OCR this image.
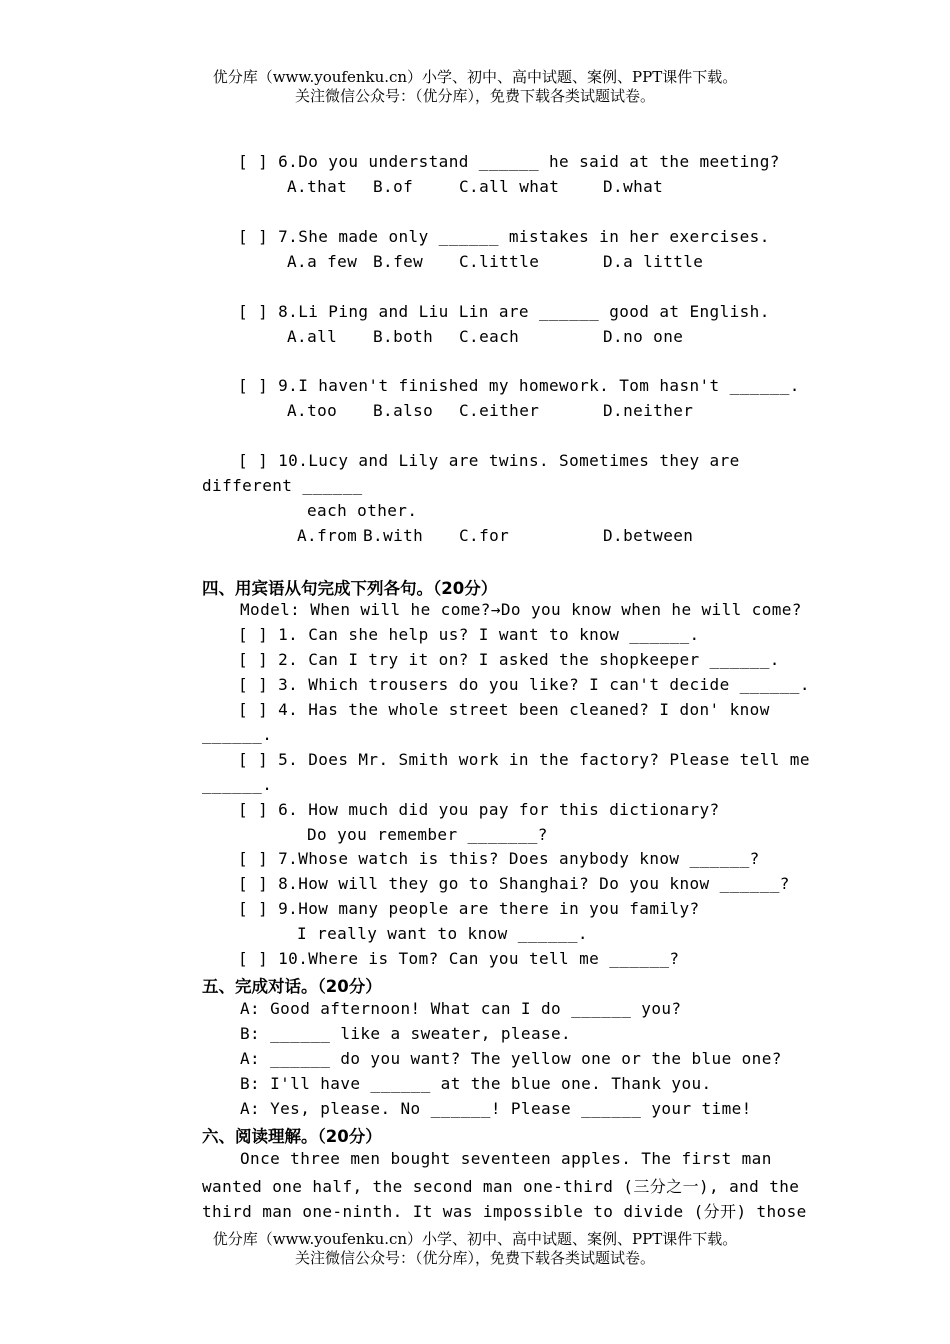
优分库（www.youfenku.cn）小学、初中、高中试题、案例、PPT课件下载。
关注微信公众号：（优分库），免费下载各类试题试卷。
[ ] 6.Do you understand ______ he said at the meeting?
A.that B.of	C.all what	D.what
[ ] 7.She made only ______ mistakes in her exercises.
A.a few B.few C.little	D.a little
[ ] 8.Li Ping and Liu Lin are ______ good at English.
A.all B.both C.each	D.no one
[ ] 9.I haven't finished my homework. Tom hasn't ______.
A.too B.also C.either	D.neither
[ ] 10.Lucy and Lily are twins. Sometimes they are
different ______
each other.
A.from B.with C.for	D.between
四、用宾语从句完成下列各句。（20分）
Model: When will he come?→Do you know when he will come?
[ ] 1. Can she help us? I want to know ______.
[ ] 2. Can I try it on? I asked the shopkeeper ______.
[ ] 3. Which trousers do you like? I can't decide ______.
[ ] 4. Has the whole street been cleaned? I don' know
______.
[ ] 5. Does Mr. Smith work in the factory? Please tell me
______.
[ ] 6. How much did you pay for this dictionary?
Do you remember _______?
[ ] 7.Whose watch is this? Does anybody know ______?
[ ] 8.How will they go to Shanghai? Do you know ______?
[ ] 9.How many people are there in you family?
I really want to know ______.
[ ] 10.Where is Tom? Can you tell me ______?
五、完成对话。（20分）
A: Good afternoon! What can I do ______ you?
B: ______ like a sweater, please.
A: ______ do you want? The yellow one or the blue one?
B: I'll have ______ at the blue one. Thank you.
A: Yes, please. No ______! Please ______ your time!
六、阅读理解。（20分）
Once three men bought seventeen apples. The first man
wanted one half, the second man one-third (三分之一), and the
third man one-ninth. It was impossible to divide (分开) those
优分库（www.youfenku.cn）小学、初中、高中试题、案例、PPT课件下载。
关注微信公众号：（优分库），免费下载各类试题试卷。
